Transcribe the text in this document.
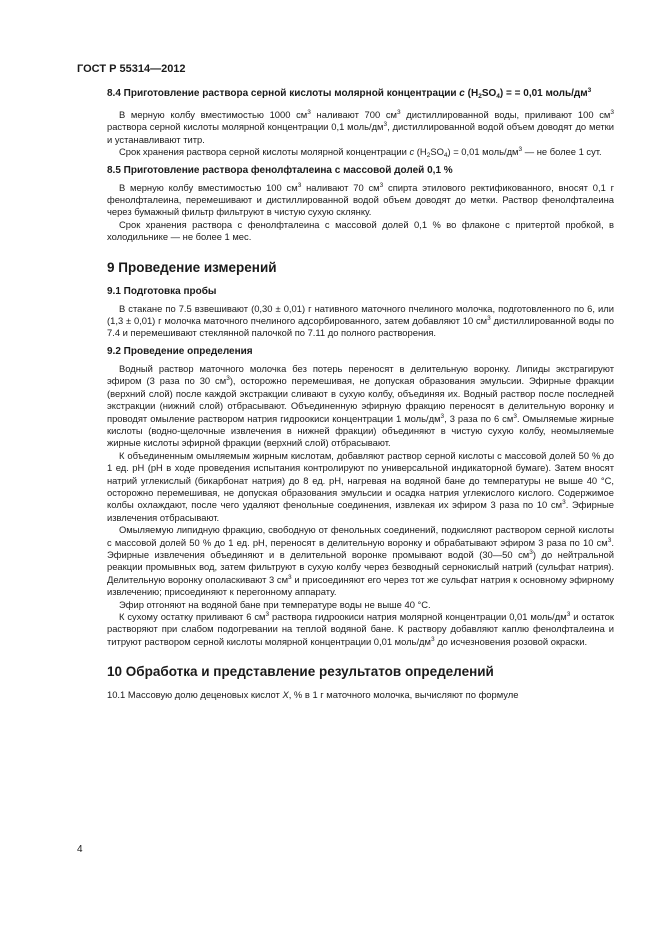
ГОСТ Р 55314—2012
8.4 Приготовление раствора серной кислоты молярной концентрации с $(H_2SO_4)$ = = 0,01 моль/$дм^3$

В мерную колбу вместимостью 1000 $см^3$ наливают 700 $см^3$ дистиллированной воды, приливают 100 $см^3$ раствора серной кислоты молярной концентрации 0,1 моль/$дм^3$, дистиллированной водой объем доводят до метки и устанавливают титр.

Срок хранения раствора серной кислоты молярной концентрации с $(H_2SO_4) = 0,01$ моль/$дм^3$ — не более 1 сут.

8.5 Приготовление раствора фенолфталеина с массовой долей 0,1 %

В мерную колбу вместимостью 100 $см^3$ наливают 70 $см^3$ спирта этилового ректификованного, вносят 0,1 г фенолфталеина, перемешивают и дистиллированной водой объем доводят до метки. Раствор фенолфталеина через бумажный фильтр фильтруют в чистую сухую склянку.

Срок хранения раствора с фенолфталеина с массовой долей 0,1 % во флаконе с притертой пробкой, в холодильнике — не более 1 мес.

9 Проведение измерений
9.1 Подготовка пробы

В стакане по 7.5 взвешивают (0,30 ± 0,01) г нативного маточного пчелиного молочка, подготовленного по 6, или (1,3 ± 0,01) г молочка маточного пчелиного адсорбированного, затем добавляют 10 $см^3$ дистиллированной воды по 7.4 и перемешивают стеклянной палочкой по 7.11 до полного растворения.

9.2 Проведение определения

Водный раствор маточного молочка без потерь переносят в делительную воронку. Липиды экстрагируют эфиром (3 раза по 30 $см^3$), осторожно перемешивая, не допуская образования эмульсии. Эфирные фракции (верхний слой) после каждой экстракции сливают в сухую колбу, объединяя их. Водный раствор после последней экстракции (нижний слой) отбрасывают. Объединенную эфирную фракцию переносят в делительную воронку и проводят омыление раствором натрия гидроокиси концентрации 1 моль/$дм^3$, 3 раза по 6 $см^3$. Омыляемые жирные кислоты (водно-щелочные извлечения в нижней фракции) объединяют в чистую сухую колбу, неомыляемые жирные кислоты эфирной фракции (верхний слой) отбрасывают.

К объединенным омыляемым жирным кислотам, добавляют раствор серной кислоты с массовой долей 50 % до 1 ед. рН (рН в ходе проведения испытания контролируют по универсальной индикаторной бумаге). Затем вносят натрий углекислый (бикарбонат натрия) до 8 ед. рН, нагревая на водяной бане до температуры не выше 40 °С, осторожно перемешивая, не допуская образования эмульсии и осадка натрия углекислого кислого. Содержимое колбы охлаждают, после чего удаляют фенольные соединения, извлекая их эфиром 3 раза по 10 $см^3$. Эфирные извлечения отбрасывают.

Омыляемую липидную фракцию, свободную от фенольных соединений, подкисляют раствором серной кислоты с массовой долей 50 % до 1 ед. рН, переносят в делительную воронку и обрабатывают эфиром 3 раза по 10 $см^3$. Эфирные извлечения объединяют и в делительной воронке промывают водой (30—50 $см^3$) до нейтральной реакции промывных вод, затем фильтруют в сухую колбу через безводный сернокислый натрий (сульфат натрия). Делительную воронку ополаскивают 3 $см^3$ и присоединяют его через тот же сульфат натрия к основному эфирному извлечению; присоединяют к перегонному аппарату.

Эфир отгоняют на водяной бане при температуре воды не выше 40 °С.

К сухому остатку приливают 6 $см^3$ раствора гидроокиси натрия молярной концентрации 0,01 моль/$дм^3$ и остаток растворяют при слабом подогревании на теплой водяной бане. К раствору добавляют каплю фенолфталеина и титруют раствором серной кислоты молярной концентрации 0,01 моль/$дм^3$ до исчезновения розовой окраски.

10 Обработка и представление результатов определений

10.1 Массовую долю деценовых кислот X, % в 1 г маточного молочка, вычисляют по формуле

4
